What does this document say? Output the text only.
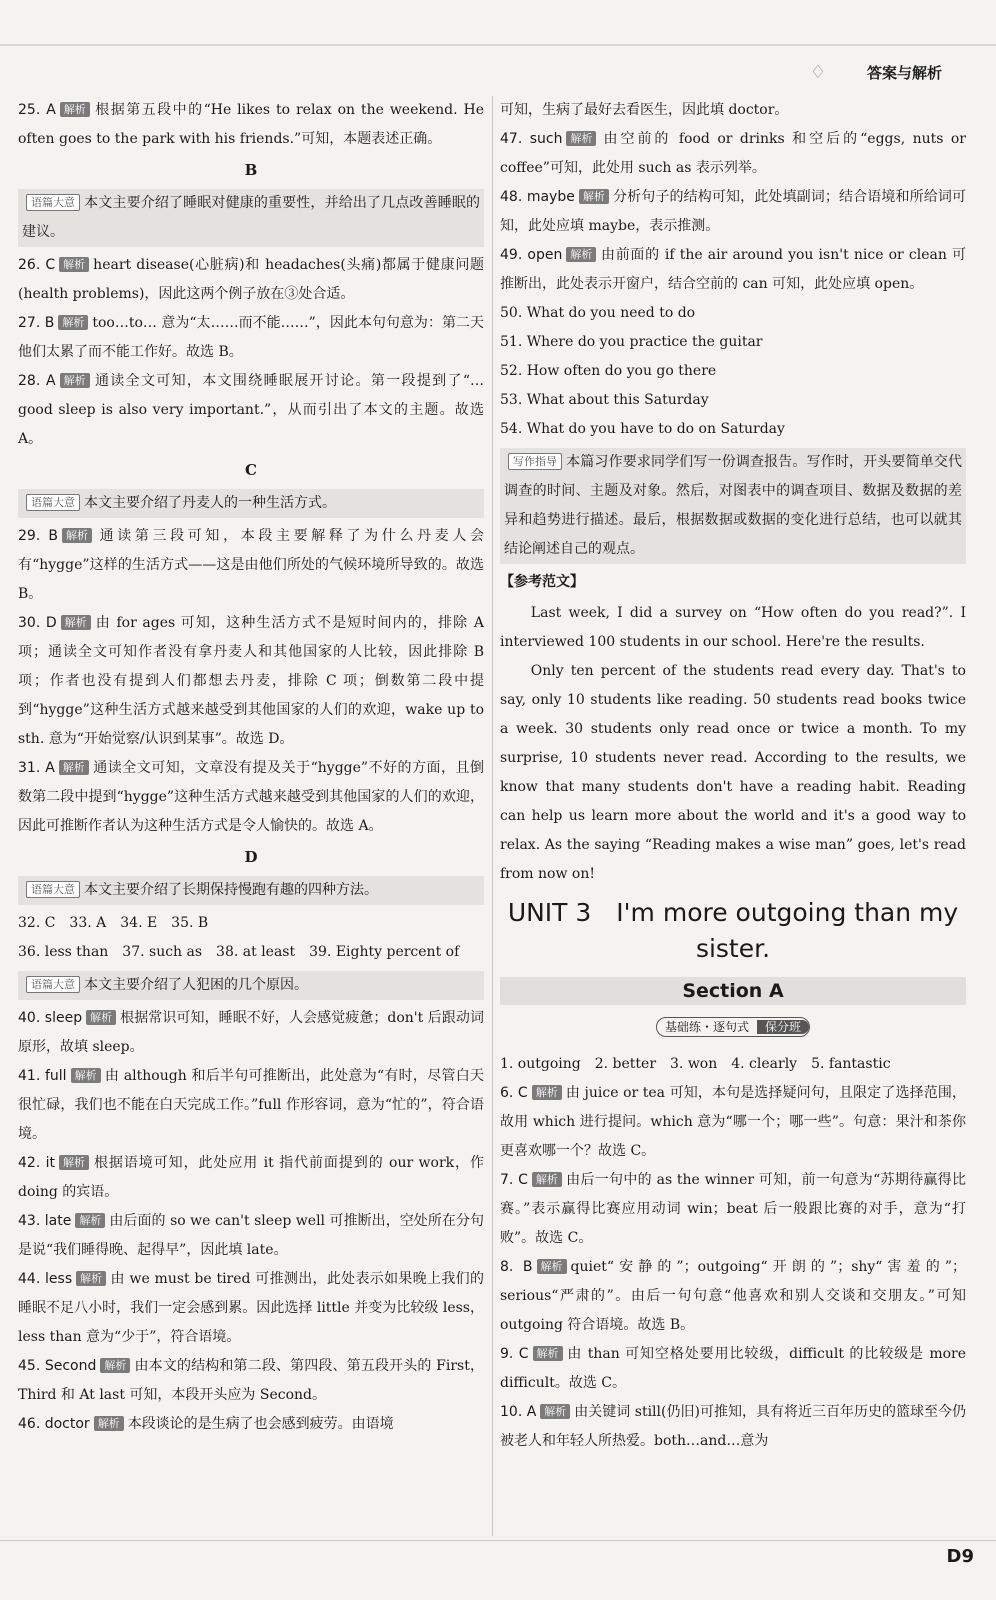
♢	答案与解析
25. A 解析 根据第五段中的“He likes to relax on the weekend. He often goes to the park with his friends.”可知，本题表述正确。
B
语篇大意 本文主要介绍了睡眠对健康的重要性，并给出了几点改善睡眠的建议。
26. C 解析 heart disease(心脏病)和 headaches(头痛)都属于健康问题(health problems)，因此这两个例子放在③处合适。
27. B 解析 too…to… 意为“太……而不能……”，因此本句句意为：第二天他们太累了而不能工作好。故选 B。
28. A 解析 通读全文可知，本文围绕睡眠展开讨论。第一段提到了“…good sleep is also very important.”，从而引出了本文的主题。故选 A。
C
语篇大意 本文主要介绍了丹麦人的一种生活方式。
29. B 解析 通读第三段可知，本段主要解释了为什么丹麦人会有“hygge”这样的生活方式——这是由他们所处的气候环境所导致的。故选 B。
30. D 解析 由 for ages 可知，这种生活方式不是短时间内的，排除 A 项；通读全文可知作者没有拿丹麦人和其他国家的人比较，因此排除 B 项；作者也没有提到人们都想去丹麦，排除 C 项；倒数第二段中提到“hygge”这种生活方式越来越受到其他国家的人们的欢迎，wake up to sth. 意为“开始觉察/认识到某事”。故选 D。
31. A 解析 通读全文可知，文章没有提及关于“hygge”不好的方面，且倒数第二段中提到“hygge”这种生活方式越来越受到其他国家的人们的欢迎，因此可推断作者认为这种生活方式是令人愉快的。故选 A。
D
语篇大意 本文主要介绍了长期保持慢跑有趣的四种方法。
32. C　33. A　34. E　35. B
36. less than　37. such as　38. at least　39. Eighty percent of
语篇大意 本文主要介绍了人犯困的几个原因。
40. sleep 解析 根据常识可知，睡眠不好，人会感觉疲惫；don't 后跟动词原形，故填 sleep。
41. full 解析 由 although 和后半句可推断出，此处意为“有时，尽管白天很忙碌，我们也不能在白天完成工作。”full 作形容词，意为“忙的”，符合语境。
42. it 解析 根据语境可知，此处应用 it 指代前面提到的 our work，作 doing 的宾语。
43. late 解析 由后面的 so we can't sleep well 可推断出，空处所在分句是说“我们睡得晚、起得早”，因此填 late。
44. less 解析 由 we must be tired 可推测出，此处表示如果晚上我们的睡眠不足八小时，我们一定会感到累。因此选择 little 并变为比较级 less，less than 意为“少于”，符合语境。
45. Second 解析 由本文的结构和第二段、第四段、第五段开头的 First，Third 和 At last 可知，本段开头应为 Second。
46. doctor 解析 本段谈论的是生病了也会感到疲劳。由语境
可知，生病了最好去看医生，因此填 doctor。
47. such 解析 由空前的 food or drinks 和空后的“eggs, nuts or coffee”可知，此处用 such as 表示列举。
48. maybe 解析 分析句子的结构可知，此处填副词；结合语境和所给词可知，此处应填 maybe，表示推测。
49. open 解析 由前面的 if the air around you isn't nice or clean 可推断出，此处表示开窗户，结合空前的 can 可知，此处应填 open。
50. What do you need to do
51. Where do you practice the guitar
52. How often do you go there
53. What about this Saturday
54. What do you have to do on Saturday
写作指导 本篇习作要求同学们写一份调查报告。写作时，开头要简单交代调查的时间、主题及对象。然后，对图表中的调查项目、数据及数据的差异和趋势进行描述。最后，根据数据或数据的变化进行总结，也可以就其结论阐述自己的观点。
【参考范文】
Last week, I did a survey on “How often do you read?”. I interviewed 100 students in our school. Here're the results.
Only ten percent of the students read every day. That's to say, only 10 students like reading. 50 students read books twice a week. 30 students only read once or twice a month. To my surprise, 10 students never read. According to the results, we know that many students don't have a reading habit. Reading can help us learn more about the world and it's a good way to relax. As the saying “Reading makes a wise man” goes, let's read from now on!
UNIT 3　I'm more outgoing than my sister.
Section A
基础练・逐句式 保分班
1. outgoing　2. better　3. won　4. clearly　5. fantastic
6. C 解析 由 juice or tea 可知，本句是选择疑问句，且限定了选择范围，故用 which 进行提问。which 意为“哪一个；哪一些”。句意：果汁和茶你更喜欢哪一个？故选 C。
7. C 解析 由后一句中的 as the winner 可知，前一句意为“苏期待赢得比赛。”表示赢得比赛应用动词 win；beat 后一般跟比赛的对手，意为“打败”。故选 C。
8. B 解析 quiet“安静的”；outgoing“开朗的”；shy“害羞的”；serious“严肃的”。由后一句句意“他喜欢和别人交谈和交朋友。”可知 outgoing 符合语境。故选 B。
9. C 解析 由 than 可知空格处要用比较级，difficult 的比较级是 more difficult。故选 C。
10. A 解析 由关键词 still(仍旧)可推知，具有将近三百年历史的篮球至今仍被老人和年轻人所热爱。both…and…意为
D9
